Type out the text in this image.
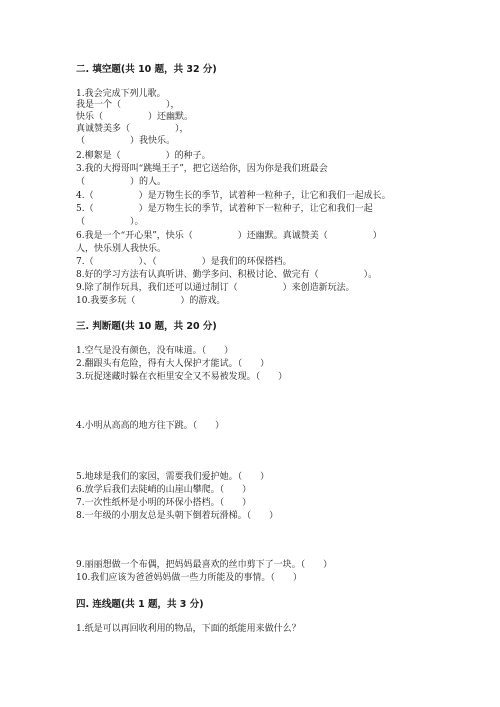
二. 填空题(共 10 题，共 32 分)
1.我会完成下列儿歌。
我是一个（　　　　　），
快乐（　　　　　）还幽默。
真诚赞美多（　　　　　），
（　　　　　）我快乐。
2.柳絮是（　　　　　）的种子。
3.我的大拇哥叫“跳绳王子”，把它送给你，因为你是我们班最会
（　　　　　）的人。
4.（　　　　　）是万物生长的季节，试着种一粒种子，让它和我们一起成长。
5.（　　　　　）是万物生长的季节，试着种下一粒种子，让它和我们一起
（　　　　　）。
6.我是一个“开心果”，快乐（　　　　　）还幽默。真诚赞美（　　　　　）
人，快乐别人我快乐。
7.（　　　　　）、（　　　　　）是我们的环保搭档。
8.好的学习方法有认真听讲、勤学多问、积极讨论、做完有（　　　　　）。
9.除了制作玩具，我们还可以通过制订（　　　　　）来创造新玩法。
10.我要多玩（　　　　　）的游戏。
三. 判断题(共 10 题，共 20 分)
1.空气是没有颜色，没有味道。（　　）
2.翻跟头有危险，得有大人保护才能试。（　　）
3.玩捉迷藏时躲在衣柜里安全又不易被发现。（　　）
4.小明从高高的地方往下跳。（　　）
5.地球是我们的家园，需要我们爱护她。（　　）
6.放学后我们去陡峭的山崖山攀爬。（　　）
7.一次性纸杯是小明的环保小搭档。（　　）
8.一年级的小朋友总是头朝下倒着玩滑梯。（　　）
9.丽丽想做一个布偶，把妈妈最喜欢的丝巾剪下了一块。（　　）
10.我们应该为爸爸妈妈做一些力所能及的事情。（　　）
四. 连线题(共 1 题，共 3 分)
1.纸是可以再回收利用的物品，下面的纸能用来做什么？
